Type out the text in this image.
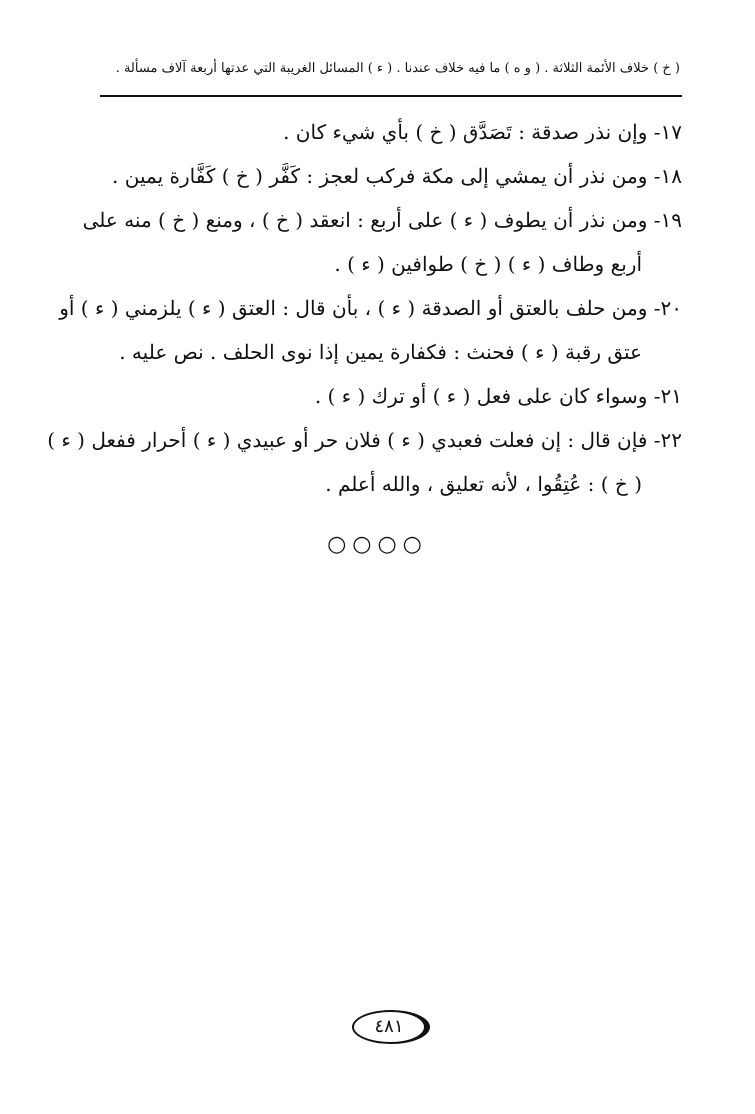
( خ ) خلاف الأئمة الثلاثة . ( و ه ) ما فيه خلاف عندنا . ( ء ) المسائل الغريبة التي عدتها أربعة آلاف مسألة .

١٧- وإن نذر صدقة : تَصَدَّق ( خ ) بأي شيء كان .

١٨- ومن نذر أن يمشي إلى مكة فركب لعجز : كَفَّر ( خ ) كَفَّارة يمين .

١٩- ومن نذر أن يطوف ( ء ) على أربع : انعقد ( خ ) ، ومنع ( خ ) منه على
أربع وطاف ( ء ) ( خ ) طوافين ( ء ) .

٢٠- ومن حلف بالعتق أو الصدقة ( ء ) ، بأن قال : العتق ( ء ) يلزمني ( ء ) أو
عتق رقبة ( ء ) فحنث : فكفارة يمين إذا نوى الحلف . نص عليه .

٢١- وسواء كان على فعل ( ء ) أو ترك ( ء ) .

٢٢- فإن قال : إن فعلت فعبدي ( ء ) فلان حر أو عبيدي ( ء ) أحرار ففعل ( ء )
( خ ) : عُتِقُوا ، لأنه تعليق ، والله أعلم .

○○○○
٤٨١
